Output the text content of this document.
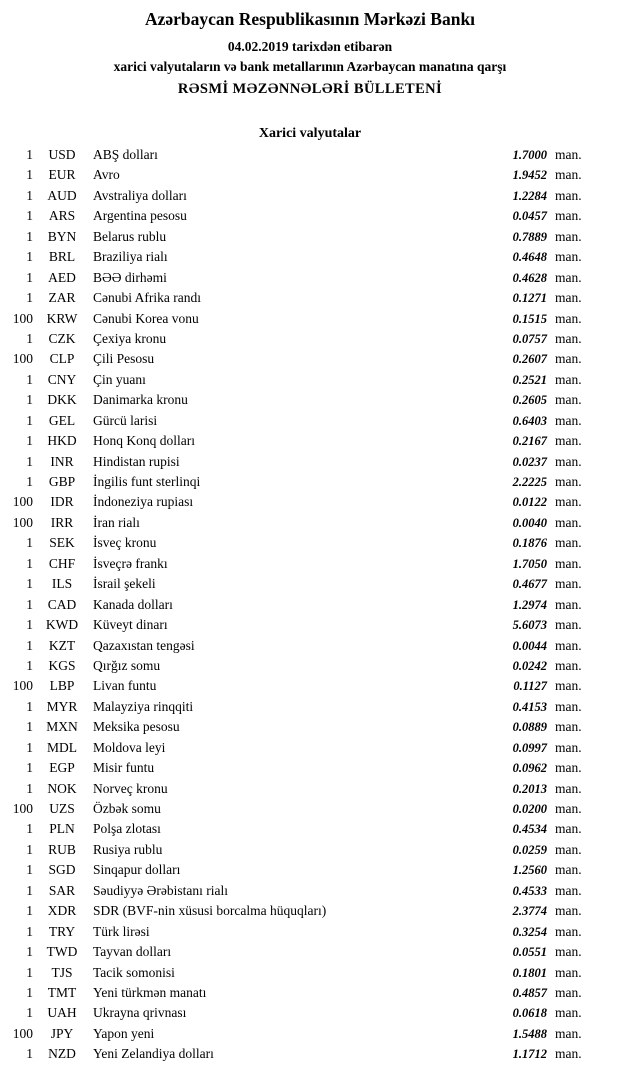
Azərbaycan Respublikasının Mərkəzi Bankı
04.02.2019 tarixdən etibarən
xarici valyutaların və bank metallarının Azərbaycan manatına qarşı
RƏSMİ MƏZƏNNƏLƏRİ BÜLLETENİ
Xarici valyutalar
1	USD	ABŞ dolları	1.7000 man.
1	EUR	Avro	1.9452 man.
1	AUD	Avstraliya dolları	1.2284 man.
1	ARS	Argentina pesosu	0.0457 man.
1	BYN	Belarus rublu	0.7889 man.
1	BRL	Braziliya rialı	0.4648 man.
1	AED	BƏƏ dirhəmi	0.4628 man.
1	ZAR	Cənubi Afrika randı	0.1271 man.
100	KRW	Cənubi Korea vonu	0.1515 man.
1	CZK	Çexiya kronu	0.0757 man.
100	CLP	Çili Pesosu	0.2607 man.
1	CNY	Çin yuanı	0.2521 man.
1	DKK	Danimarka kronu	0.2605 man.
1	GEL	Gürcü larisi	0.6403 man.
1	HKD	Honq Konq dolları	0.2167 man.
1	INR	Hindistan rupisi	0.0237 man.
1	GBP	İngilis funt sterlinqi	2.2225 man.
100	IDR	İndoneziya rupiası	0.0122 man.
100	IRR	İran rialı	0.0040 man.
1	SEK	İsveç kronu	0.1876 man.
1	CHF	İsveçrə frankı	1.7050 man.
1	ILS	İsrail şekeli	0.4677 man.
1	CAD	Kanada dolları	1.2974 man.
1 KWD	Küveyt dinarı	5.6073 man.
1	KZT	Qazaxıstan tengəsi	0.0044 man.
1	KGS	Qırğız somu	0.0242 man.
100	LBP	Livan funtu	0.1127 man.
1	MYR	Malayziya rinqqiti	0.4153 man.
1 MXN	Meksika pesosu	0.0889 man.
1	MDL	Moldova leyi	0.0997 man.
1	EGP	Misir funtu	0.0962 man.
1	NOK	Norveç kronu	0.2013 man.
100	UZS	Özbək somu	0.0200 man.
1	PLN	Polşa zlotası	0.4534 man.
1	RUB	Rusiya rublu	0.0259 man.
1	SGD	Sinqapur dolları	1.2560 man.
1	SAR	Səudiyyə Ərəbistanı rialı	0.4533 man.
1	XDR	SDR (BVF-nin xüsusi borcalma hüquqları)	2.3774 man.
1	TRY	Türk lirəsi	0.3254 man.
1	TWD	Tayvan dolları	0.0551 man.
1	TJS	Tacik somonisi	0.1801 man.
1	TMT	Yeni türkmən manatı	0.4857 man.
1	UAH	Ukrayna qrivnası	0.0618 man.
100	JPY	Yapon yeni	1.5488 man.
1	NZD	Yeni Zelandiya dolları	1.1712 man.
